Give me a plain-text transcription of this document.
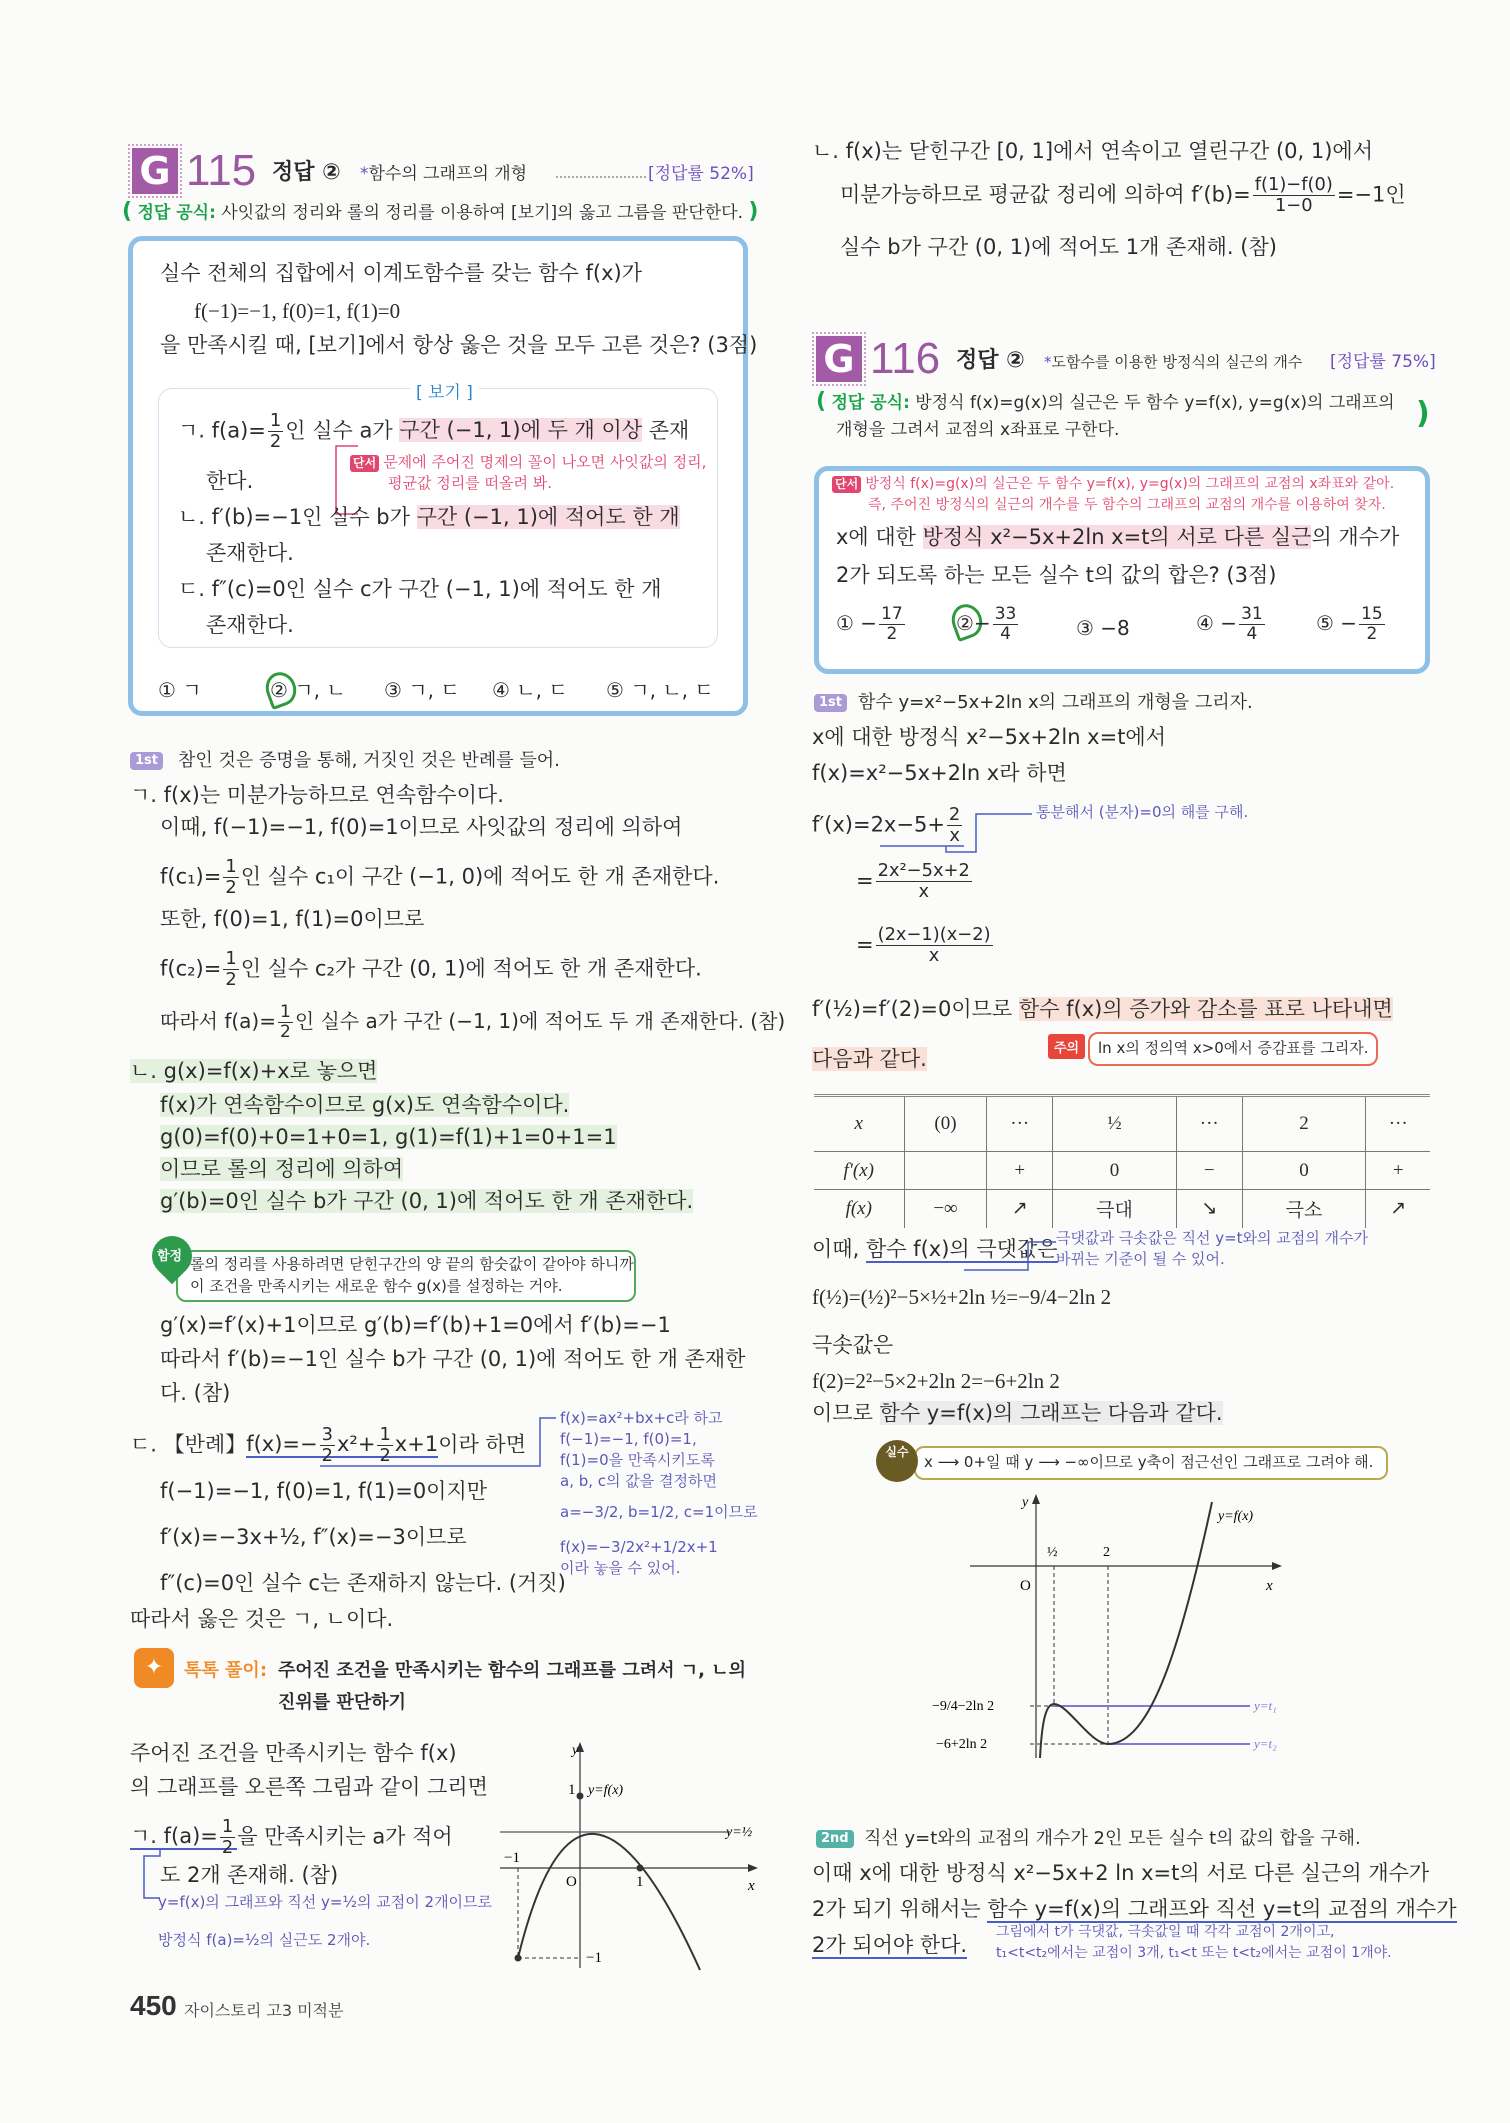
G 115 정답 ② *함수의 그래프의 개형	[정답률 52%]
( 정답 공식: 사잇값의 정리와 롤의 정리를 이용하여 [보기]의 옳고 그름을 판단한다. )
실수 전체의 집합에서 이계도함수를 갖는 함수 f(x)가
f(−1)=−1, f(0)=1, f(1)=0
을 만족시킬 때, [보기]에서 항상 옳은 것을 모두 고른 것은? (3점)
[ 보기 ]
ㄱ. $f(a)= \frac{1}{2}$ 인 실수 a가 구간 (−1, 1)에 두 개 이상 존재
한다.
단서 문제에 주어진 명제의 꼴이 나오면 사잇값의 정리,
평균값 정리를 떠올려 봐.
ㄴ. f′(b)=−1인 실수 b가 구간 (−1, 1)에 적어도 한 개
존재한다.
ㄷ. f″(c)=0인 실수 c가 구간 (−1, 1)에 적어도 한 개
존재한다.
① ㄱ	② ㄱ, ㄴ ③ ㄱ, ㄷ ④ ㄴ, ㄷ ⑤ ㄱ, ㄴ, ㄷ
1st 참인 것은 증명을 통해, 거짓인 것은 반례를 들어.
ㄱ. f(x)는 미분가능하므로 연속함수이다.
이때, f(−1)=−1, f(0)=1이므로 사잇값의 정리에 의하여
$f(c_1)= \frac{1}{2}$ 인 실수 c₁이 구간 (−1, 0)에 적어도 한 개 존재한다.
또한, f(0)=1, f(1)=0이므로
$f(c_2)= \frac{1}{2}$ 인 실수 c₂가 구간 (0, 1)에 적어도 한 개 존재한다.
따라서 $f(a)= \frac{1}{2}$ 인 실수 a가 구간 (−1, 1)에 적어도 두 개 존재한다. (참)
ㄴ. g(x)=f(x)+x로 놓으면
f(x)가 연속함수이므로 g(x)도 연속함수이다.
g(0)=f(0)+0=1+0=1, g(1)=f(1)+1=0+1=1
이므로 롤의 정리에 의하여
g′(b)=0인 실수 b가 구간 (0, 1)에 적어도 한 개 존재한다.
함정 롤의 정리를 사용하려면 닫힌구간의 양 끝의 함숫값이 같아야 하니까
이 조건을 만족시키는 새로운 함수 g(x)를 설정하는 거야.
g′(x)=f′(x)+1이므로 g′(b)=f′(b)+1=0에서 f′(b)=−1
따라서 f′(b)=−1인 실수 b가 구간 (0, 1)에 적어도 한 개 존재한
다. (참)
ㄷ. 【반례】$f(x)=- \frac{3}{2} x^2+ \frac{1}{2} x+1$이라 하면
f(−1)=−1, f(0)=1, f(1)=0이지만
f′(x)=−3x+½, f″(x)=−3이므로
f″(c)=0인 실수 c는 존재하지 않는다. (거짓)
따라서 옳은 것은 ㄱ, ㄴ이다.
f(x)=ax²+bx+c라 하고
f(−1)=−1, f(0)=1,
f(1)=0을 만족시키도록
a, b, c의 값을 결정하면
a=−3/2, b=1/2, c=1이므로
f(x)=−3/2x²+1/2x+1
이라 놓을 수 있어.
✦	톡톡 풀이: 주어진 조건을 만족시키는 함수의 그래프를 그려서 ㄱ, ㄴ의
진위를 판단하기
주어진 조건을 만족시키는 함수 f(x)
의 그래프를 오른쪽 그림과 같이 그리면
ㄱ. $f(a)= \frac{1}{2}$ 을 만족시키는 a가 적어
도 2개 존재해. (참)
y=f(x)의 그래프와 직선 y=½의 교점이 2개이므로
방정식 f(a)=½의 실근도 2개야.
y
x
O
1 y=f(x)
y=½
−1
1
−1
450 자이스토리 고3 미적분
ㄴ. f(x)는 닫힌구간 [0, 1]에서 연속이고 열린구간 (0, 1)에서
미분가능하므로 평균값 정리에 의하여 $f'(b)= \frac{f(1)-f(0)}{1-0} =-1$인
실수 b가 구간 (0, 1)에 적어도 1개 존재해. (참)
G 116 정답 ② *도함수를 이용한 방정식의 실근의 개수 [정답률 75%]
( 정답 공식: 방정식 f(x)=g(x)의 실근은 두 함수 y=f(x), y=g(x)의 그래프의
개형을 그려서 교점의 x좌표로 구한다.	)
단서 방정식 f(x)=g(x)의 실근은 두 함수 y=f(x), y=g(x)의 그래프의 교점의 x좌표와 같아.
즉, 주어진 방정식의 실근의 개수를 두 함수의 그래프의 교점의 개수를 이용하여 찾자.
x에 대한 방정식 x²−5x+2ln x=t의 서로 다른 실근의 개수가
2가 되도록 하는 모든 실수 t의 값의 합은? (3점)
① − $\frac{17}{2}$	②− $\frac{33}{4}$	③ −8	④ − $\frac{31}{4}$	⑤ − $\frac{15}{2}$
1st 함수 y=x²−5x+2ln x의 그래프의 개형을 그리자.
x에 대한 방정식 x²−5x+2ln x=t에서
f(x)=x²−5x+2ln x라 하면
$f'(x)=2x-5+ \frac{2}{x}$	통분해서 (분자)=0의 해를 구해.
= $\frac{\text{2x²−5x+2}}{x}$
= $\frac{(2x-1)(x-2)}{x}$
f′(½)=f′(2)=0이므로 함수 f(x)의 증가와 감소를 표로 나타내면
다음과 같다.	주의	ln x의 정의역 x>0에서 증감표를 그리자.
x	(0)	···	½	···	2	···
f′(x)		+	0	−	0	+
f(x)	−∞	↗	극대	↘	극소	↗
이때, 함수 f(x)의 극댓값은
극댓값과 극솟값은 직선 y=t와의 교점의 개수가
바뀌는 기준이 될 수 있어.
f(½)=(½)²−5×½+2ln ½=−9/4−2ln 2
극솟값은
f(2)=2²−5×2+2ln 2=−6+2ln 2
이므로 함수 y=f(x)의 그래프는 다음과 같다.
실수
x ⟶ 0+일 때 y ⟶ −∞이므로 y축이 점근선인 그래프로 그려야 해.
y
x
O
½	2
y=f(x)
y=t₁
y=t₂
−9/4−2ln 2
−6+2ln 2
2nd 직선 y=t와의 교점의 개수가 2인 모든 실수 t의 값의 합을 구해.
이때 x에 대한 방정식 x²−5x+2 ln x=t의 서로 다른 실근의 개수가
2가 되기 위해서는 함수 y=f(x)의 그래프와 직선 y=t의 교점의 개수가
2가 되어야 한다.
그림에서 t가 극댓값, 극솟값일 때 각각 교점이 2개이고,
t₁<t<t₂에서는 교점이 3개, t₁<t 또는 t<t₂에서는 교점이 1개야.
